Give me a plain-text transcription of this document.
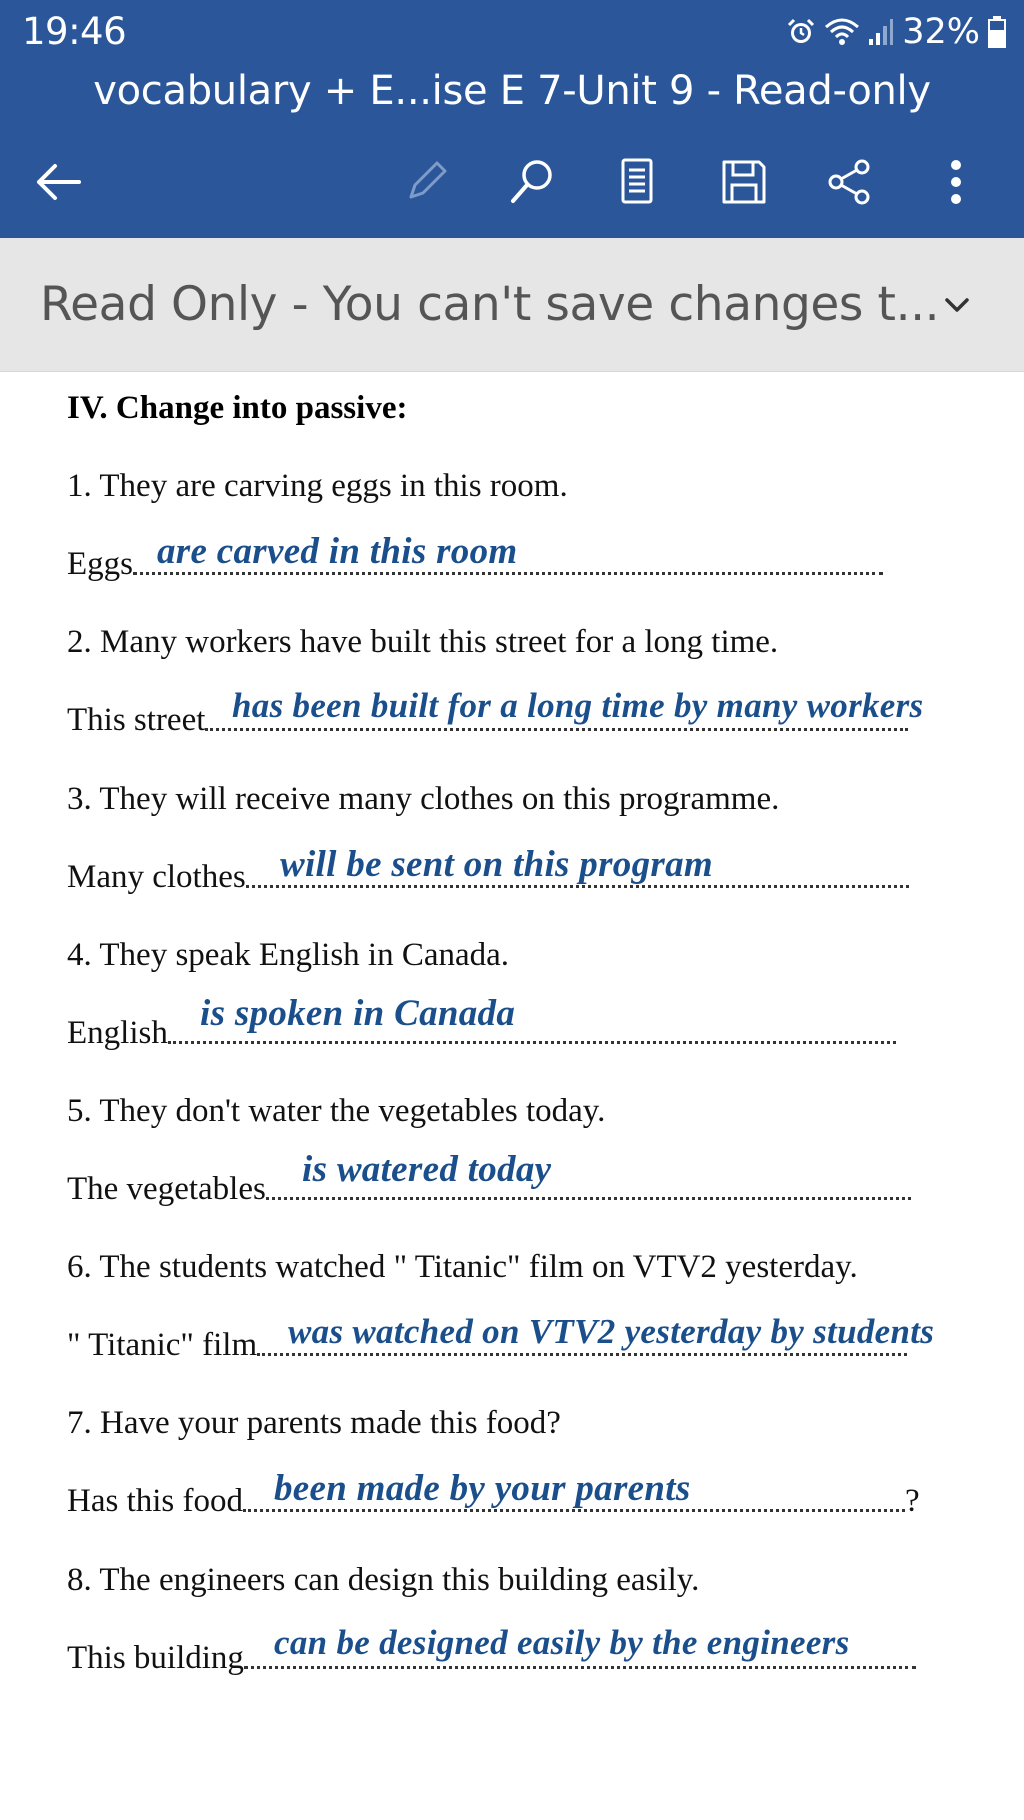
19:46	32%
vocabulary + E...ise E 7-Unit 9 - Read-only
Read Only - You can't save changes t...
IV. Change into passive:
1. They are carving eggs in this room.
Eggs are carved in this room
2. Many workers have built this street for a long time.
This street has been built for a long time by many workers
3. They will receive many clothes on this programme.
Many clothes will be sent on this program
4. They speak English in Canada.
English is spoken in Canada
5. They don't water the vegetables today.
The vegetables is watered today
6. The students watched " Titanic" film on VTV2 yesterday.
" Titanic" film was watched on VTV2 yesterday by students
7. Have your parents made this food?
Has this food	?
been made by your parents
8. The engineers can design this building easily.
This building can be designed easily by the engineers
